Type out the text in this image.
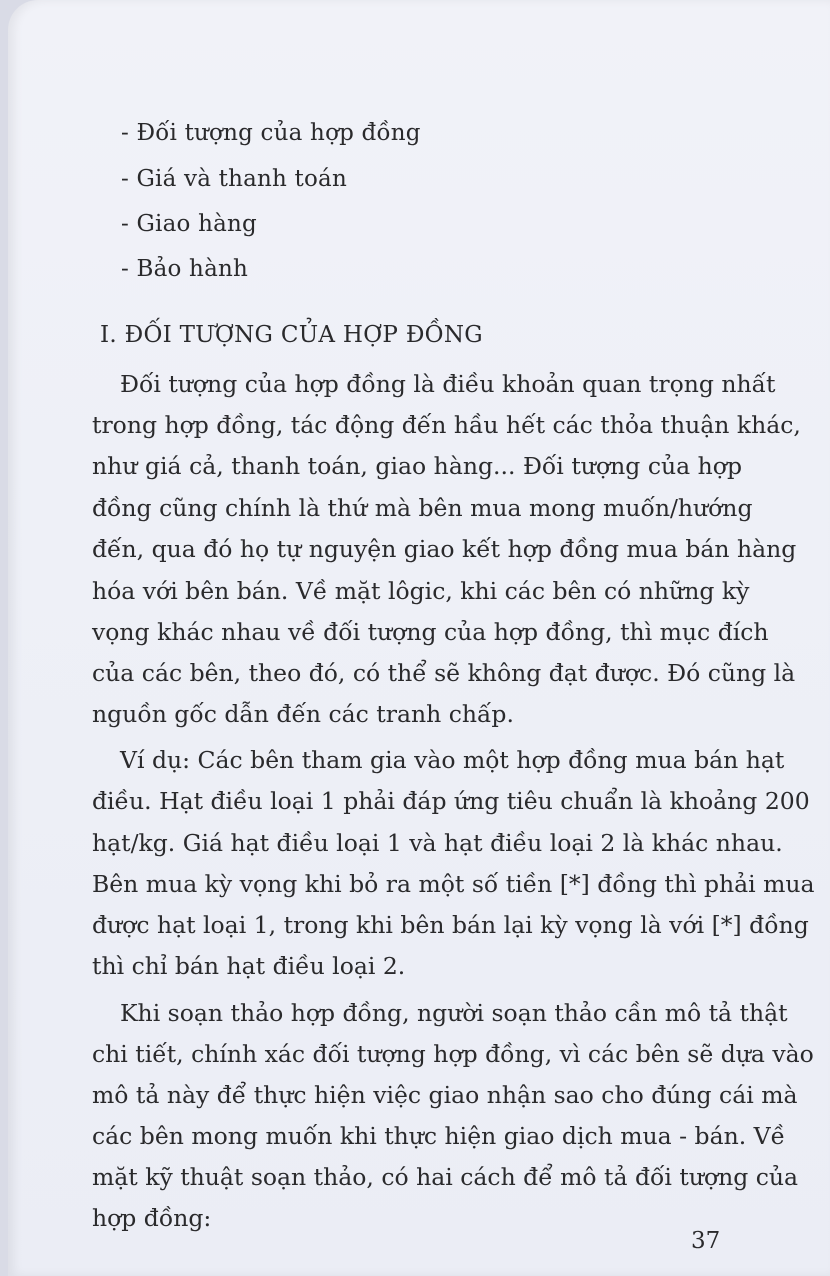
- Đối tượng của hợp đồng
- Giá và thanh toán
- Giao hàng
- Bảo hành
I. ĐỐI TƯỢNG CỦA HỢP ĐỒNG
Đối tượng của hợp đồng là điều khoản quan trọng nhất
trong hợp đồng, tác động đến hầu hết các thỏa thuận khác,
như giá cả, thanh toán, giao hàng... Đối tượng của hợp
đồng cũng chính là thứ mà bên mua mong muốn/hướng
đến, qua đó họ tự nguyện giao kết hợp đồng mua bán hàng
hóa với bên bán. Về mặt lôgic, khi các bên có những kỳ
vọng khác nhau về đối tượng của hợp đồng, thì mục đích
của các bên, theo đó, có thể sẽ không đạt được. Đó cũng là
nguồn gốc dẫn đến các tranh chấp.
Ví dụ: Các bên tham gia vào một hợp đồng mua bán hạt
điều. Hạt điều loại 1 phải đáp ứng tiêu chuẩn là khoảng 200
hạt/kg. Giá hạt điều loại 1 và hạt điều loại 2 là khác nhau.
Bên mua kỳ vọng khi bỏ ra một số tiền [*] đồng thì phải mua
được hạt loại 1, trong khi bên bán lại kỳ vọng là với [*] đồng
thì chỉ bán hạt điều loại 2.
Khi soạn thảo hợp đồng, người soạn thảo cần mô tả thật
chi tiết, chính xác đối tượng hợp đồng, vì các bên sẽ dựa vào
mô tả này để thực hiện việc giao nhận sao cho đúng cái mà
các bên mong muốn khi thực hiện giao dịch mua - bán. Về
mặt kỹ thuật soạn thảo, có hai cách để mô tả đối tượng của
hợp đồng:
37
